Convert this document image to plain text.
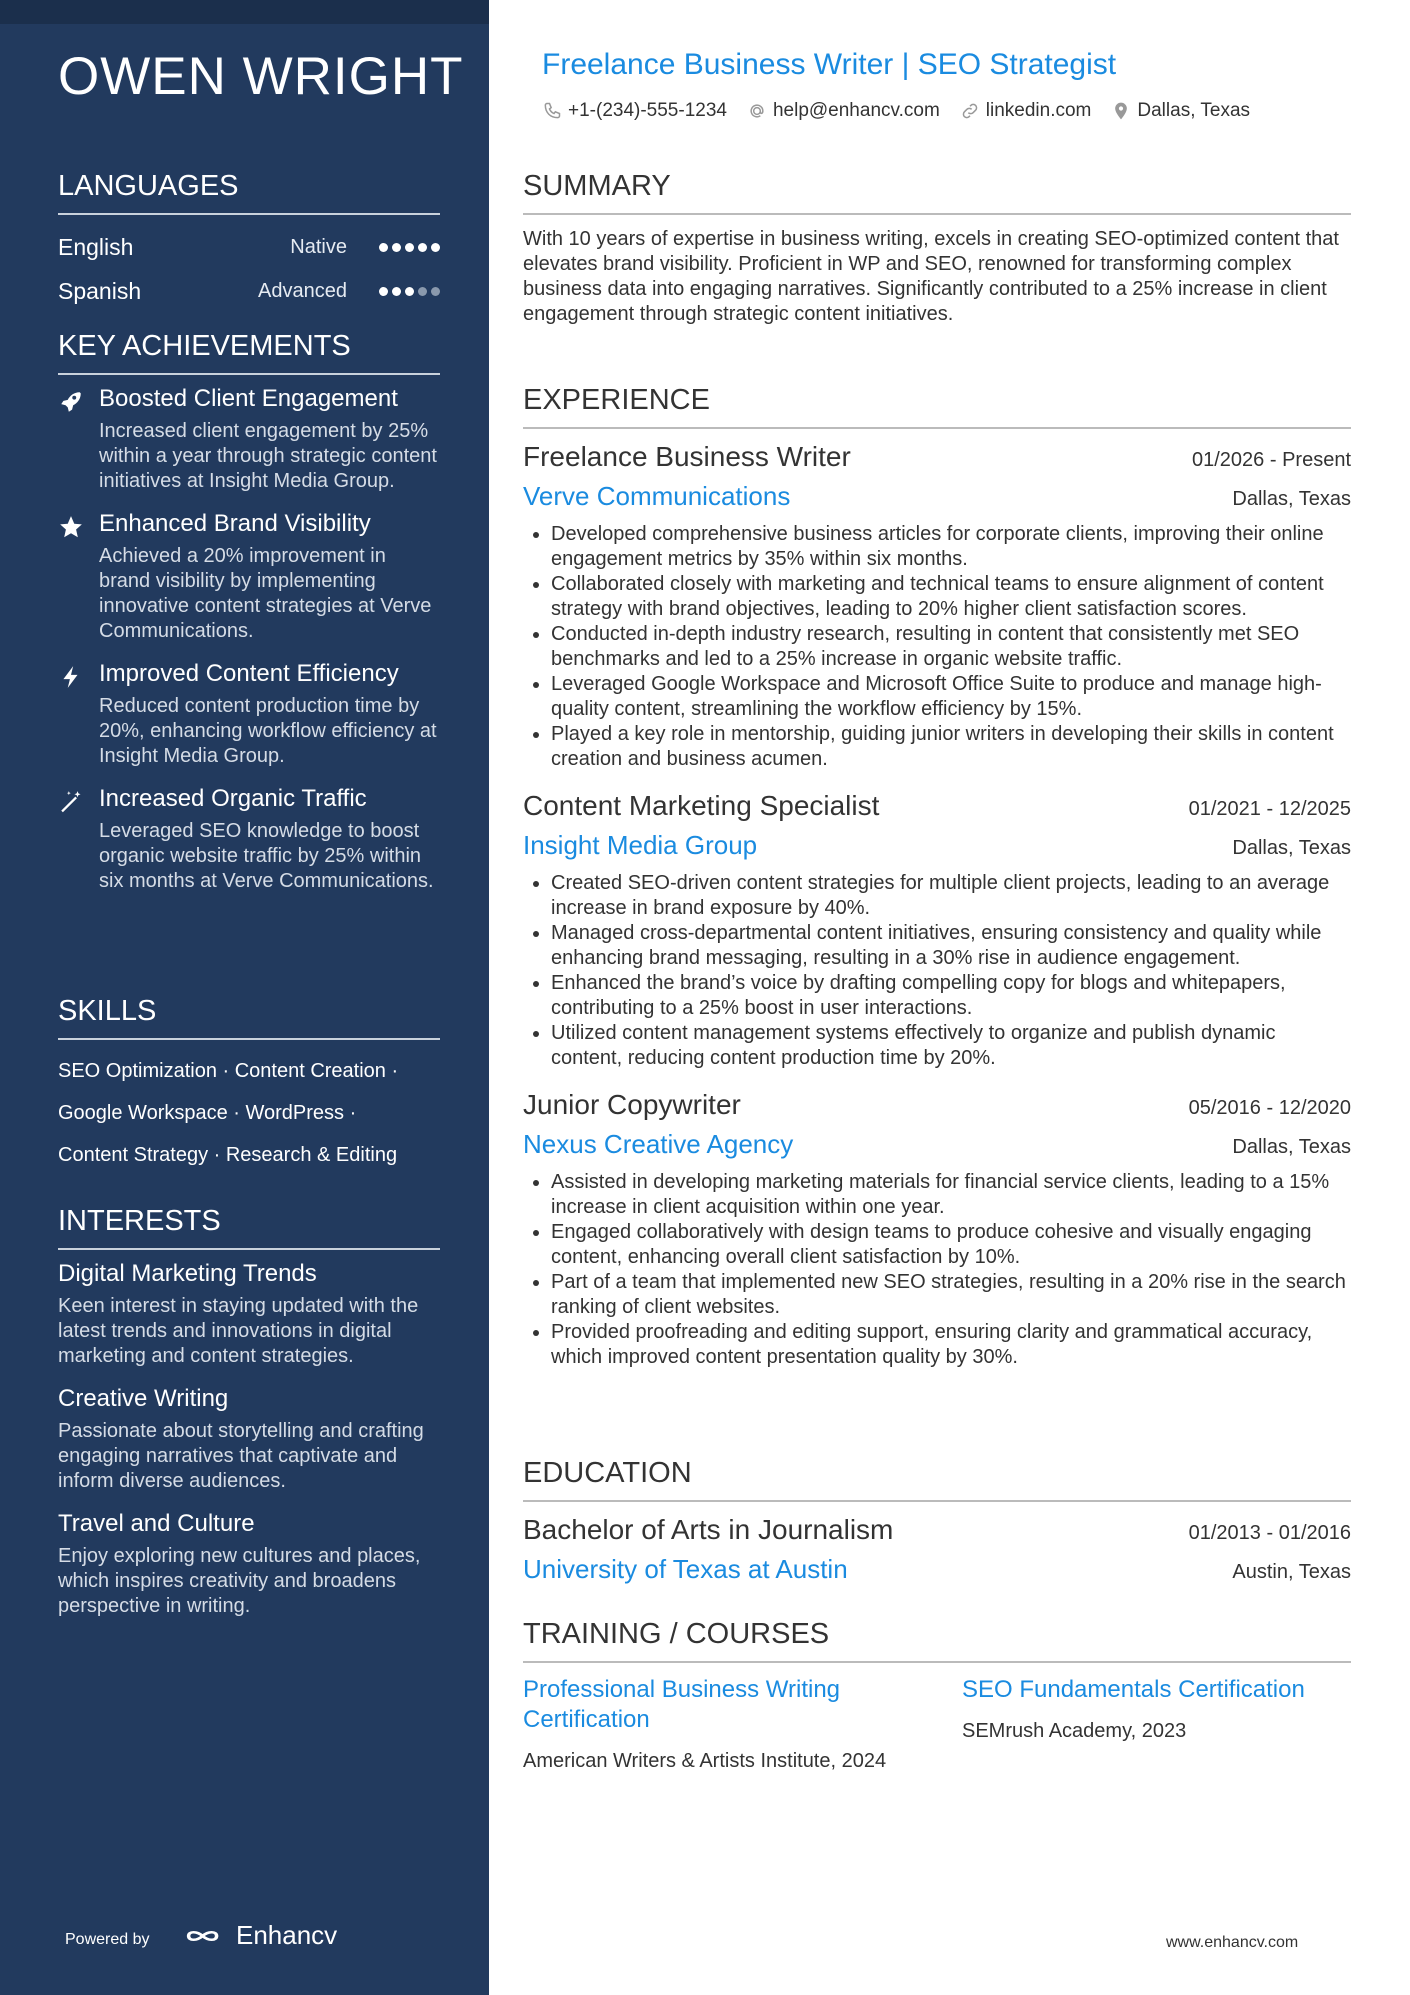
OWEN WRIGHT
LANGUAGES
English	Native
Spanish	Advanced
KEY ACHIEVEMENTS
Boosted Client Engagement
Increased client engagement by 25% within a year through strategic content initiatives at Insight Media Group.
Enhanced Brand Visibility
Achieved a 20% improvement in brand visibility by implementing innovative content strategies at Verve Communications.
Improved Content Efficiency
Reduced content production time by 20%, enhancing workflow efficiency at Insight Media Group.
Increased Organic Traffic
Leveraged SEO knowledge to boost organic website traffic by 25% within six months at Verve Communications.
SKILLS
SEO Optimization · Content Creation ·
Google Workspace · WordPress ·
Content Strategy · Research & Editing
INTERESTS
Digital Marketing Trends
Keen interest in staying updated with the latest trends and innovations in digital marketing and content strategies.
Creative Writing
Passionate about storytelling and crafting engaging narratives that captivate and inform diverse audiences.
Travel and Culture
Enjoy exploring new cultures and places, which inspires creativity and broadens perspective in writing.
Powered by	Enhancv
Freelance Business Writer | SEO Strategist
+1-(234)-555-1234 help@enhancv.com linkedin.com Dallas, Texas
SUMMARY
With 10 years of expertise in business writing, excels in creating SEO-optimized content that elevates brand visibility. Proficient in WP and SEO, renowned for transforming complex business data into engaging narratives. Significantly contributed to a 25% increase in client engagement through strategic content initiatives.
EXPERIENCE
Freelance Business Writer	01/2026 - Present
Verve Communications	Dallas, Texas
• Developed comprehensive business articles for corporate clients, improving their online engagement metrics by 35% within six months.
• Collaborated closely with marketing and technical teams to ensure alignment of content strategy with brand objectives, leading to 20% higher client satisfaction scores.
• Conducted in-depth industry research, resulting in content that consistently met SEO benchmarks and led to a 25% increase in organic website traffic.
• Leveraged Google Workspace and Microsoft Office Suite to produce and manage high-quality content, streamlining the workflow efficiency by 15%.
• Played a key role in mentorship, guiding junior writers in developing their skills in content creation and business acumen.
Content Marketing Specialist	01/2021 - 12/2025
Insight Media Group	Dallas, Texas
• Created SEO-driven content strategies for multiple client projects, leading to an average increase in brand exposure by 40%.
• Managed cross-departmental content initiatives, ensuring consistency and quality while enhancing brand messaging, resulting in a 30% rise in audience engagement.
• Enhanced the brand’s voice by drafting compelling copy for blogs and whitepapers, contributing to a 25% boost in user interactions.
• Utilized content management systems effectively to organize and publish dynamic content, reducing content production time by 20%.
Junior Copywriter	05/2016 - 12/2020
Nexus Creative Agency	Dallas, Texas
• Assisted in developing marketing materials for financial service clients, leading to a 15% increase in client acquisition within one year.
• Engaged collaboratively with design teams to produce cohesive and visually engaging content, enhancing overall client satisfaction by 10%.
• Part of a team that implemented new SEO strategies, resulting in a 20% rise in the search ranking of client websites.
• Provided proofreading and editing support, ensuring clarity and grammatical accuracy, which improved content presentation quality by 30%.
EDUCATION
Bachelor of Arts in Journalism	01/2013 - 01/2016
University of Texas at Austin	Austin, Texas
TRAINING / COURSES
Professional Business Writing Certification
American Writers & Artists Institute, 2024
SEO Fundamentals Certification
SEMrush Academy, 2023
www.enhancv.com
